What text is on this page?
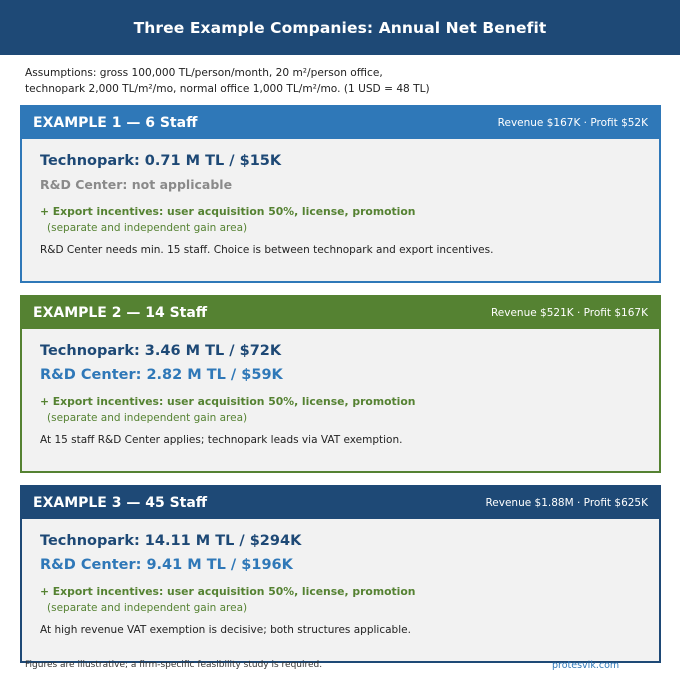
Three Example Companies: Annual Net Benefit
Assumptions: gross 100,000 TL/person/month, 20 m²/person office,
technopark 2,000 TL/m²/mo, normal office 1,000 TL/m²/mo. (1 USD = 48 TL)
EXAMPLE 1 — 6 Staff	Revenue $167K · Profit $52K
Technopark: 0.71 M TL / $15K
R&D Center: not applicable
+ Export incentives: user acquisition 50%, license, promotion
(separate and independent gain area)
R&D Center needs min. 15 staff. Choice is between technopark and export incentives.
EXAMPLE 2 — 14 Staff	Revenue $521K · Profit $167K
Technopark: 3.46 M TL / $72K
R&D Center: 2.82 M TL / $59K
+ Export incentives: user acquisition 50%, license, promotion
(separate and independent gain area)
At 15 staff R&D Center applies; technopark leads via VAT exemption.
EXAMPLE 3 — 45 Staff	Revenue $1.88M · Profit $625K
Technopark: 14.11 M TL / $294K
R&D Center: 9.41 M TL / $196K
+ Export incentives: user acquisition 50%, license, promotion
(separate and independent gain area)
At high revenue VAT exemption is decisive; both structures applicable.
Figures are illustrative; a firm-specific feasibility study is required.	protesvik.com
